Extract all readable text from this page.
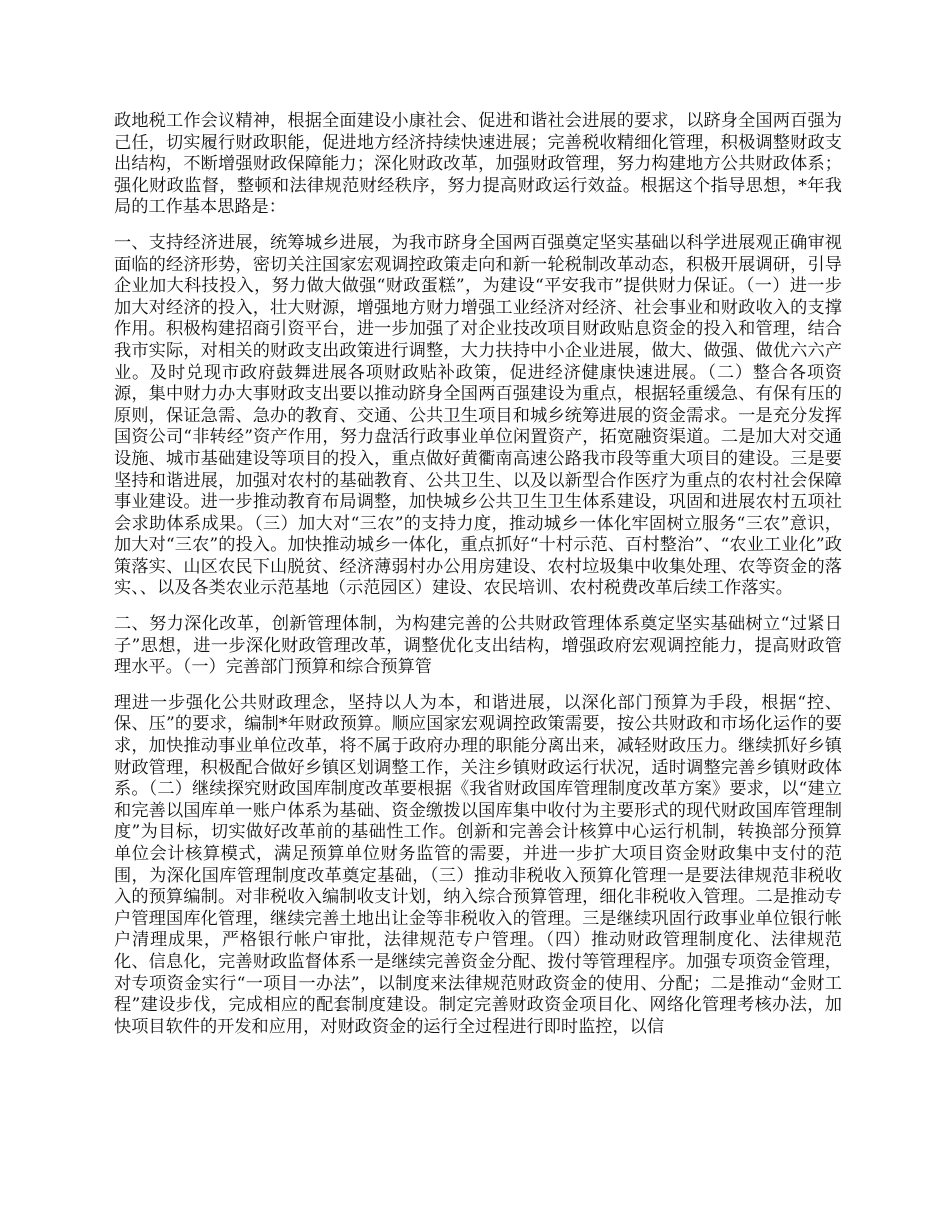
政地税工作会议精神，根据全面建设小康社会、促进和谐社会进展的要求，以跻身全国两百强为己任，切实履行财政职能，促进地方经济持续快速进展；完善税收精细化管理，积极调整财政支出结构，不断增强财政保障能力；深化财政改革，加强财政管理，努力构建地方公共财政体系；强化财政监督，整顿和法律规范财经秩序，努力提高财政运行效益。根据这个指导思想，*年我局的工作基本思路是：

一、支持经济进展，统筹城乡进展，为我市跻身全国两百强奠定坚实基础以科学进展观正确审视面临的经济形势，密切关注国家宏观调控政策走向和新一轮税制改革动态，积极开展调研，引导企业加大科技投入，努力做大做强“财政蛋糕”，为建设“平安我市”提供财力保证。（一）进一步加大对经济的投入，壮大财源，增强地方财力增强工业经济对经济、社会事业和财政收入的支撑作用。积极构建招商引资平台，进一步加强了对企业技改项目财政贴息资金的投入和管理，结合我市实际，对相关的财政支出政策进行调整，大力扶持中小企业进展，做大、做强、做优六六产业。及时兑现市政府鼓舞进展各项财政贴补政策，促进经济健康快速进展。（二）整合各项资源，集中财力办大事财政支出要以推动跻身全国两百强建设为重点，根据轻重缓急、有保有压的原则，保证急需、急办的教育、交通、公共卫生项目和城乡统筹进展的资金需求。一是充分发挥国资公司“非转经”资产作用，努力盘活行政事业单位闲置资产，拓宽融资渠道。二是加大对交通设施、城市基础建设等项目的投入，重点做好黄衢南高速公路我市段等重大项目的建设。三是要坚持和谐进展，加强对农村的基础教育、公共卫生、以及以新型合作医疗为重点的农村社会保障事业建设。进一步推动教育布局调整，加快城乡公共卫生卫生体系建设，巩固和进展农村五项社会求助体系成果。（三）加大对“三农”的支持力度，推动城乡一体化牢固树立服务“三农”意识，加大对“三农”的投入。加快推动城乡一体化，重点抓好“十村示范、百村整治”、“农业工业化”政策落实、山区农民下山脱贫、经济薄弱村办公用房建设、农村垃圾集中收集处理、农等资金的落实、、以及各类农业示范基地（示范园区）建设、农民培训、农村税费改革后续工作落实。

二、努力深化改革，创新管理体制，为构建完善的公共财政管理体系奠定坚实基础树立“过紧日子”思想，进一步深化财政管理改革，调整优化支出结构，增强政府宏观调控能力，提高财政管理水平。（一）完善部门预算和综合预算管

理进一步强化公共财政理念，坚持以人为本，和谐进展，以深化部门预算为手段，根据“控、保、压”的要求，编制*年财政预算。顺应国家宏观调控政策需要，按公共财政和市场化运作的要求，加快推动事业单位改革，将不属于政府办理的职能分离出来，减轻财政压力。继续抓好乡镇财政管理，积极配合做好乡镇区划调整工作，关注乡镇财政运行状况，适时调整完善乡镇财政体系。（二）继续探究财政国库制度改革要根据《我省财政国库管理制度改革方案》要求，以“建立和完善以国库单一账户体系为基础、资金缴拨以国库集中收付为主要形式的现代财政国库管理制度”为目标，切实做好改革前的基础性工作。创新和完善会计核算中心运行机制，转换部分预算单位会计核算模式，满足预算单位财务监管的需要，并进一步扩大项目资金财政集中支付的范围，为深化国库管理制度改革奠定基础，（三）推动非税收入预算化管理一是要法律规范非税收入的预算编制。对非税收入编制收支计划，纳入综合预算管理，细化非税收入管理。二是推动专户管理国库化管理，继续完善土地出让金等非税收入的管理。三是继续巩固行政事业单位银行帐户清理成果，严格银行帐户审批，法律规范专户管理。（四）推动财政管理制度化、法律规范化、信息化，完善财政监督体系一是继续完善资金分配、拨付等管理程序。加强专项资金管理，对专项资金实行“一项目一办法”，以制度来法律规范财政资金的使用、分配；二是推动“金财工程”建设步伐，完成相应的配套制度建设。制定完善财政资金项目化、网络化管理考核办法，加快项目软件的开发和应用，对财政资金的运行全过程进行即时监控，以信
